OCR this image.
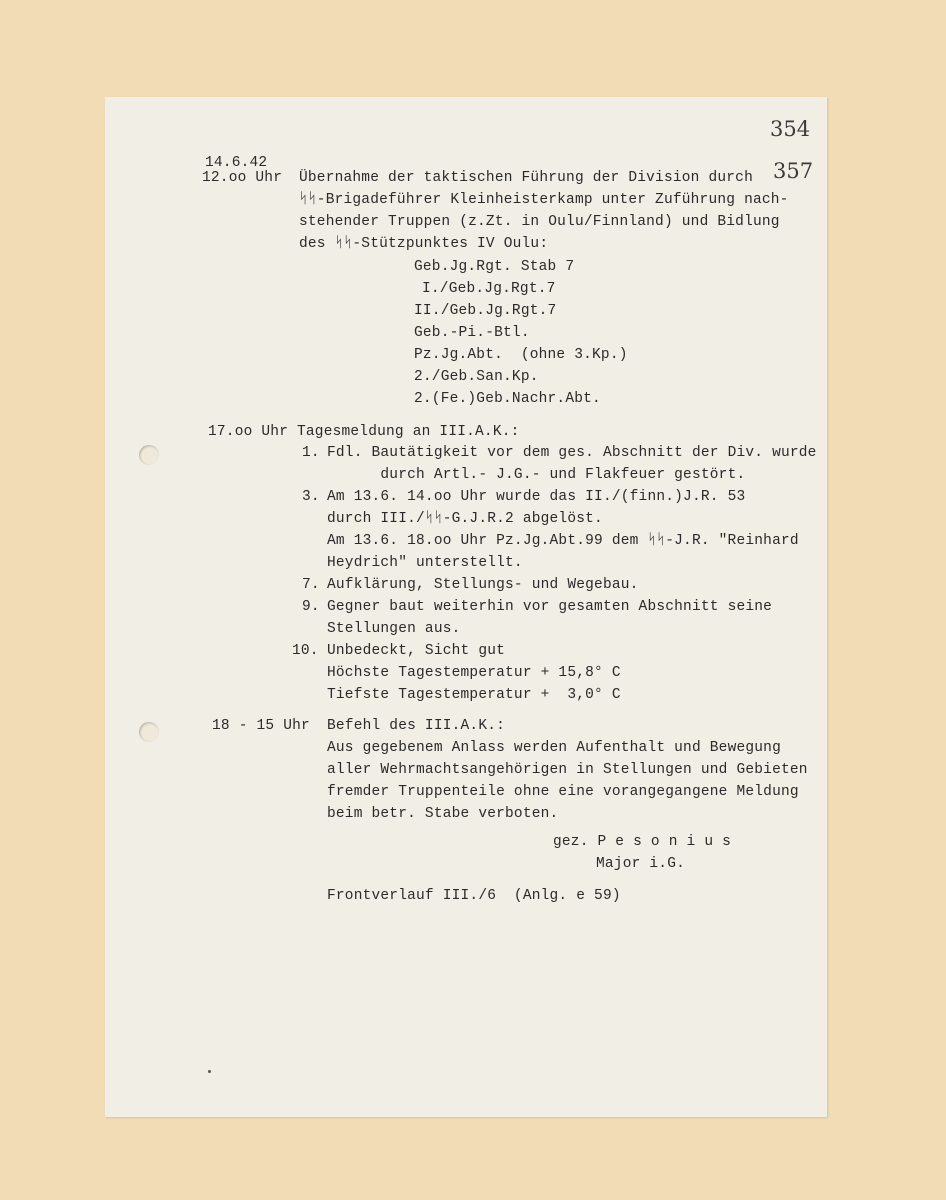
354
357
14.6.42
12.oo Uhr Übernahme der taktischen Führung der Division durch
ᛋᛋ-Brigadeführer Kleinheisterkamp unter Zuführung nach-
stehender Truppen (z.Zt. in Oulu/Finnland) und Bidlung
des ᛋᛋ-Stützpunktes IV Oulu:
Geb.Jg.Rgt. Stab 7
I./Geb.Jg.Rgt.7
II./Geb.Jg.Rgt.7
Geb.-Pi.-Btl.
Pz.Jg.Abt.  (ohne 3.Kp.)
2./Geb.San.Kp.
2.(Fe.)Geb.Nachr.Abt.
17.oo Uhr Tagesmeldung an III.A.K.:
1. Fdl. Bautätigkeit vor dem ges. Abschnitt der Div. wurde
durch Artl.- J.G.- und Flakfeuer gestört.
3. Am 13.6. 14.oo Uhr wurde das II./(finn.)J.R. 53
durch III./ᛋᛋ-G.J.R.2 abgelöst.
Am 13.6. 18.oo Uhr Pz.Jg.Abt.99 dem ᛋᛋ-J.R. "Reinhard
Heydrich" unterstellt.
7. Aufklärung, Stellungs- und Wegebau.
9. Gegner baut weiterhin vor gesamten Abschnitt seine
Stellungen aus.
10. Unbedeckt, Sicht gut
Höchste Tagestemperatur + 15,8° C
Tiefste Tagestemperatur +  3,0° C
18 - 15 Uhr Befehl des III.A.K.:
Aus gegebenem Anlass werden Aufenthalt und Bewegung
aller Wehrmachtsangehörigen in Stellungen und Gebieten
fremder Truppenteile ohne eine vorangegangene Meldung
beim betr. Stabe verboten.
gez. P e s o n i u s
Major i.G.
Frontverlauf III./6  (Anlg. e 59)
